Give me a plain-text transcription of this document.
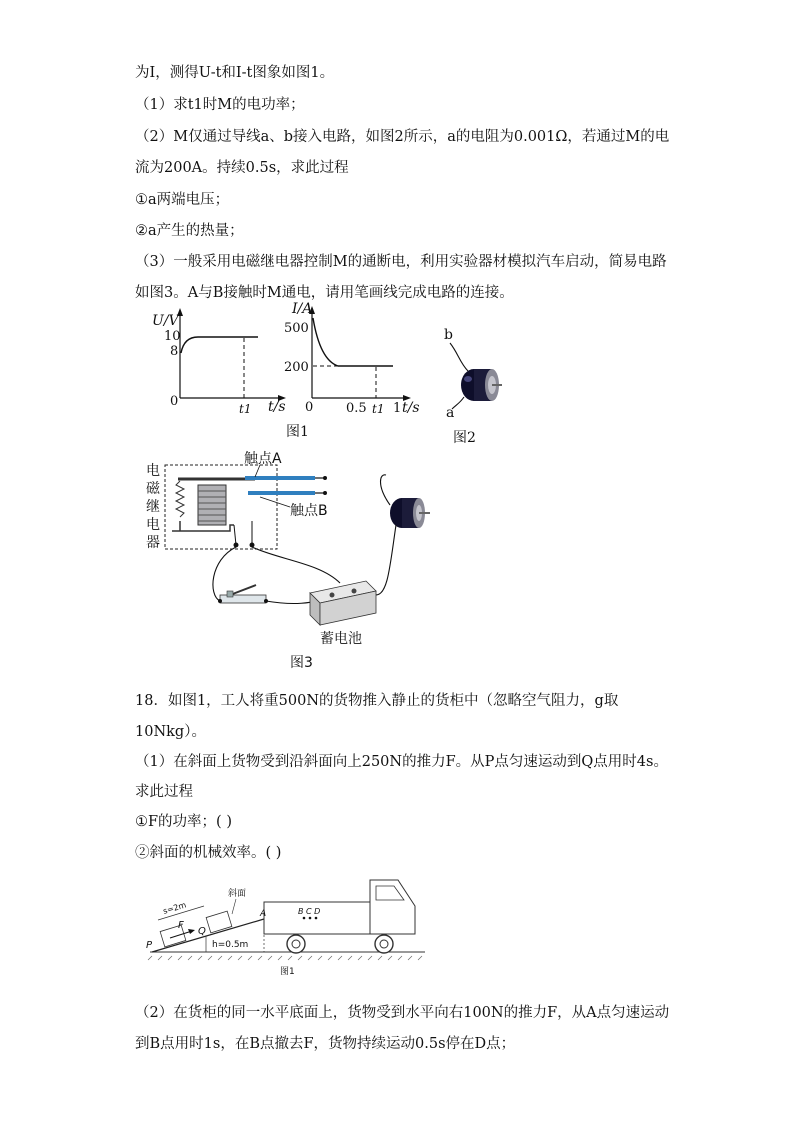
为I，测得U-t和I-t图象如图1。
（1）求t1时M的电功率；
（2）M仅通过导线a、b接入电路，如图2所示，a的电阻为0.001Ω，若通过M的电
流为200A。持续0.5s，求此过程
①a两端电压；
②a产生的热量；
（3）一般采用电磁继电器控制M的通断电，利用实验器材模拟汽车启动，简易电路
如图3。A与B接触时M通电，请用笔画线完成电路的连接。
U/V
10
8
0	t1 t/s
I/A
500
200
0	0.5 t1 1 t/s
图1
b
a
图2
电
磁
继
电
器
触点A
触点B
蓄电池
图3
18．如图1，工人将重500N的货物推入静止的货柜中（忽略空气阻力，g取
10Nkg）。
（1）在斜面上货物受到沿斜面向上250N的推力F。从P点匀速运动到Q点用时4s。
求此过程
①F的功率；( )
②斜面的机械效率。( )
斜面
s=2m
F
P
Q
A	B C D
h=0.5m
图1
（2）在货柜的同一水平底面上，货物受到水平向右100N的推力F，从A点匀速运动
到B点用时1s，在B点撤去F，货物持续运动0.5s停在D点；
